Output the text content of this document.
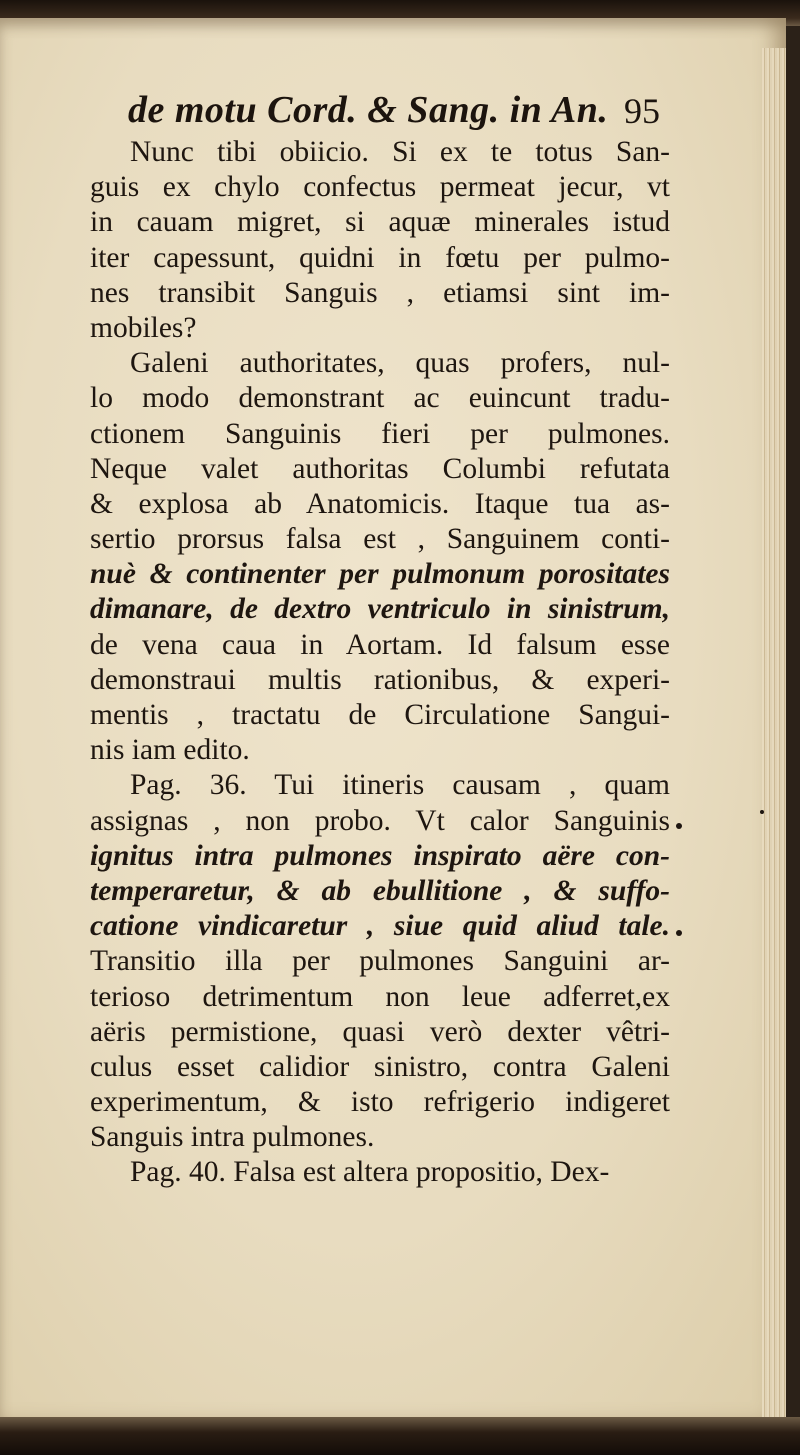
de motu Cord. & Sang. in An. 95
Nunc tibi obiicio. Si ex te totus San-
guis ex chylo confectus permeat jecur, vt
in cauam migret, si aquæ minerales istud
iter capessunt, quidni in fœtu per pulmo-
nes transibit Sanguis , etiamsi sint im-
mobiles?
Galeni authoritates, quas profers, nul-
lo modo demonstrant ac euincunt tradu-
ctionem Sanguinis fieri per pulmones.
Neque valet authoritas Columbi refutata
& explosa ab Anatomicis. Itaque tua as-
sertio prorsus falsa est , Sanguinem conti-
nuè & continenter per pulmonum porositates
dimanare, de dextro ventriculo in sinistrum,
de vena caua in Aortam. Id falsum esse
demonstraui multis rationibus, & experi-
mentis , tractatu de Circulatione Sangui-
nis iam edito.
Pag. 36. Tui itineris causam , quam
assignas , non probo. Vt calor Sanguinis
ignitus intra pulmones inspirato aëre con-
temperaretur, & ab ebullitione , & suffo-
catione vindicaretur , siue quid aliud tale.
Transitio illa per pulmones Sanguini ar-
teriosо detrimentum non leue adferret,ex
aëris permistione, quasi verò dexter vêtri-
culus esset calidior sinistro, contra Galeni
experimentum, & isto refrigerio indigeret
Sanguis intra pulmones.
Pag. 40. Falsa est altera propositio, Dex-
